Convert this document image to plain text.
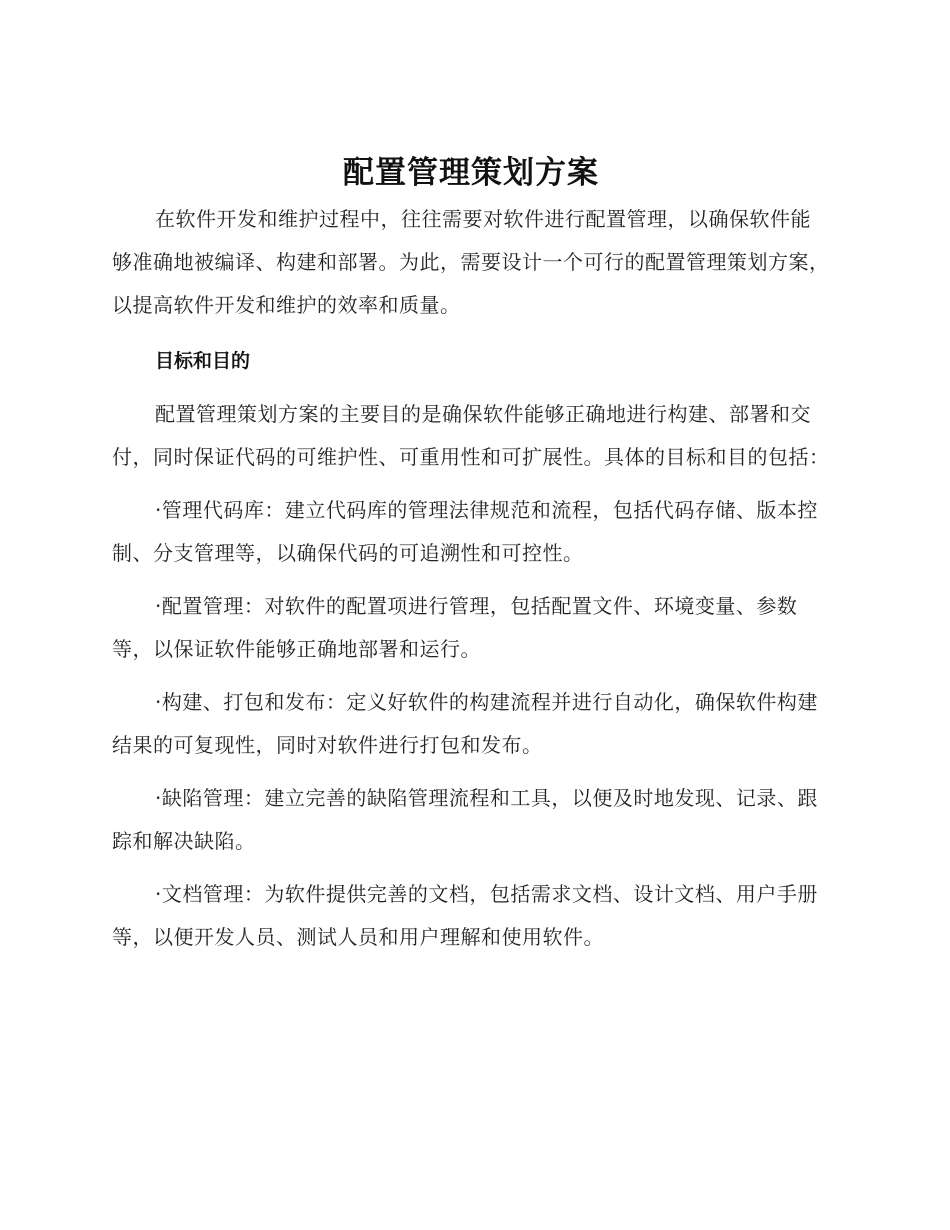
配置管理策划方案

在软件开发和维护过程中，往往需要对软件进行配置管理，以确保软件能够准确地被编译、构建和部署。为此，需要设计一个可行的配置管理策划方案，以提高软件开发和维护的效率和质量。

目标和目的

配置管理策划方案的主要目的是确保软件能够正确地进行构建、部署和交付，同时保证代码的可维护性、可重用性和可扩展性。具体的目标和目的包括：

·管理代码库：建立代码库的管理法律规范和流程，包括代码存储、版本控制、分支管理等，以确保代码的可追溯性和可控性。

·配置管理：对软件的配置项进行管理，包括配置文件、环境变量、参数等，以保证软件能够正确地部署和运行。

·构建、打包和发布：定义好软件的构建流程并进行自动化，确保软件构建结果的可复现性，同时对软件进行打包和发布。

·缺陷管理：建立完善的缺陷管理流程和工具，以便及时地发现、记录、跟踪和解决缺陷。

·文档管理：为软件提供完善的文档，包括需求文档、设计文档、用户手册等，以便开发人员、测试人员和用户理解和使用软件。
